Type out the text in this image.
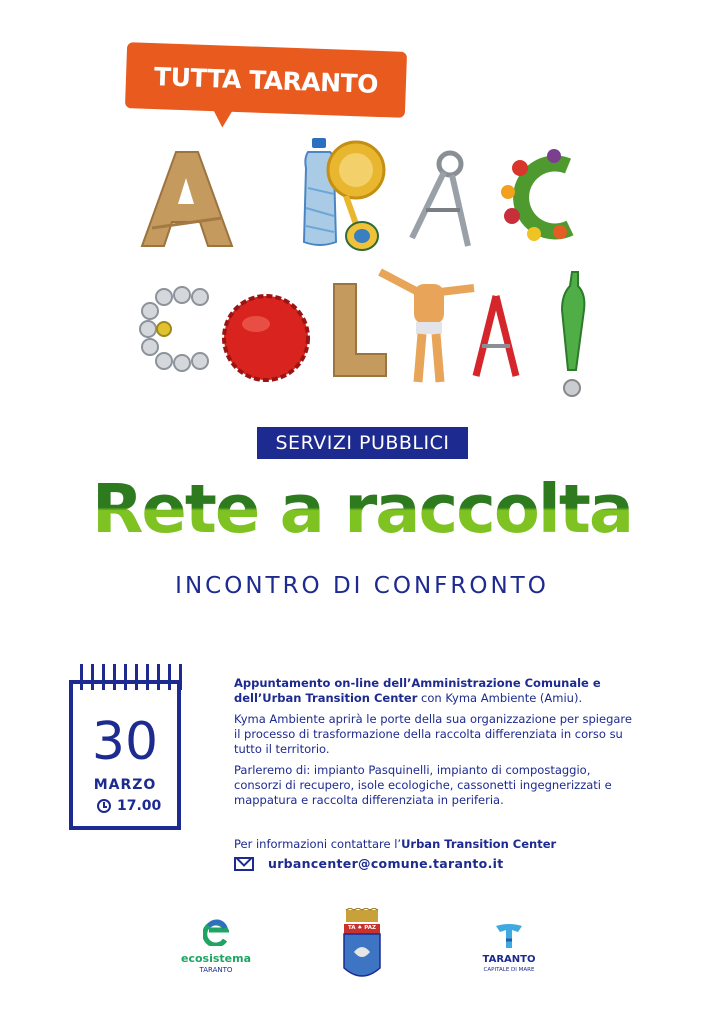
TUTTA TARANTO
SERVIZI PUBBLICI
Rete a raccolta
INCONTRO DI CONFRONTO
30
MARZO
17.00
Appuntamento on-line dell’Amministrazione Comunale e dell’Urban Transition Center con Kyma Ambiente (Amiu).
Kyma Ambiente aprirà le porte della sua organizzazione per spiegare il processo di trasformazione della raccolta differenziata in corso su tutto il territorio.
Parleremo di: impianto Pasquinelli, impianto di compostaggio, consorzi di recupero, isole ecologiche, cassonetti ingegnerizzati e mappatura e raccolta differenziata in periferia.
Per informazioni contattare l’Urban Transition Center
urbancenter@comune.taranto.it
ecosistema
TARANTO
TA ♠ PAZ
TARANTO
CAPITALE DI MARE
